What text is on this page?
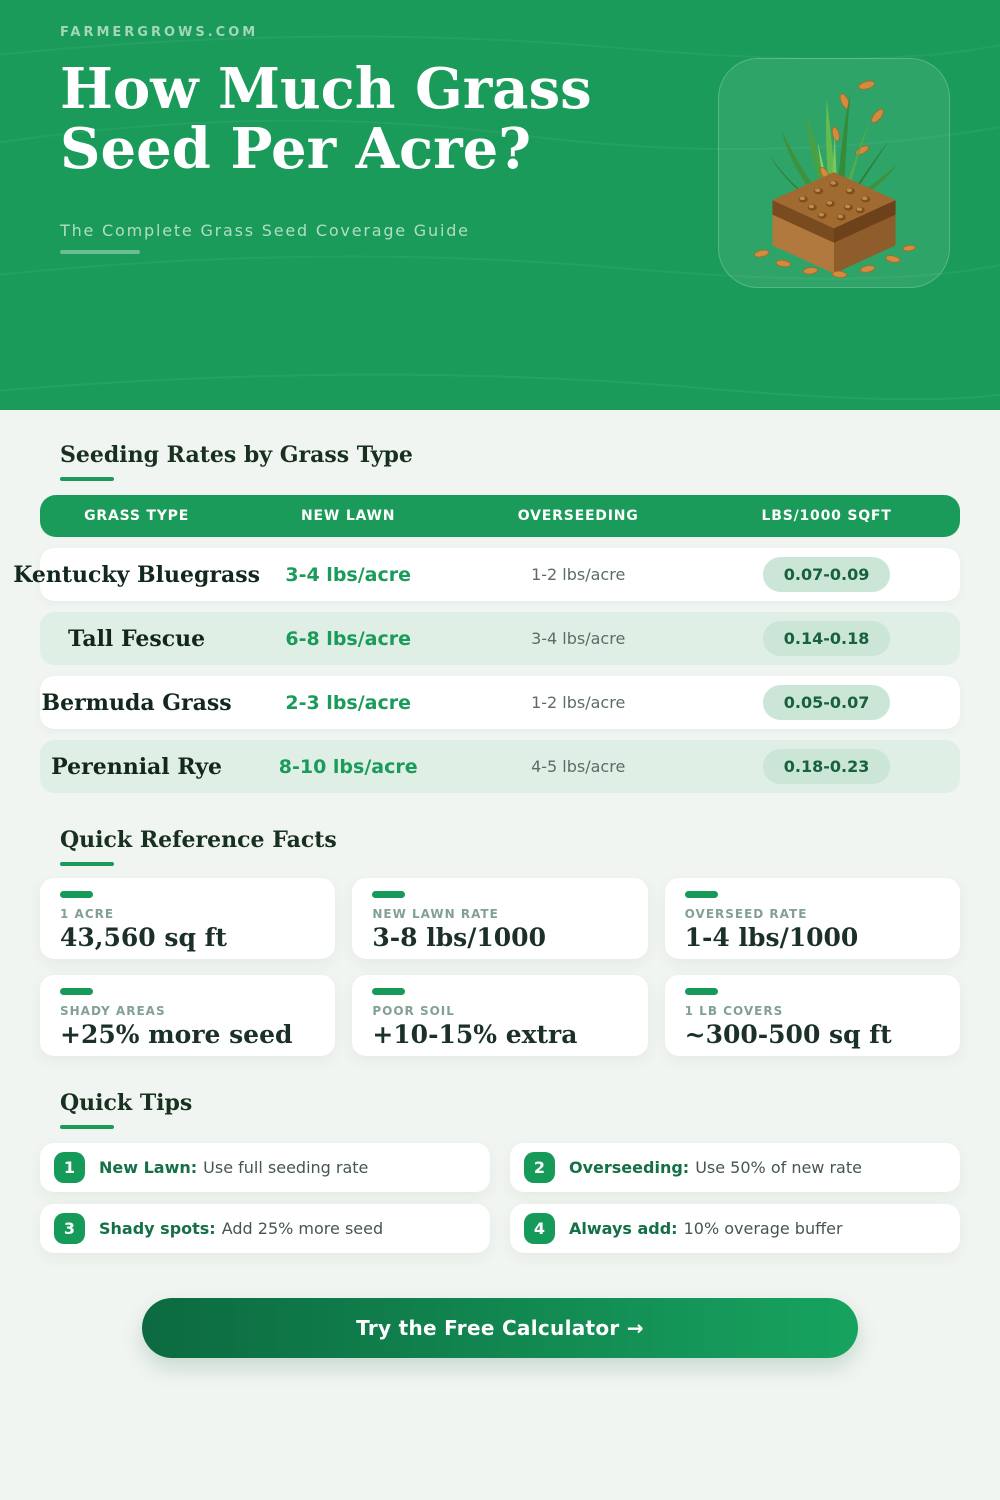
FARMERGROWS.COM
How Much Grass
Seed Per Acre?
The Complete Grass Seed Coverage Guide
Seeding Rates by Grass Type
GRASS TYPE	NEW LAWN	OVERSEEDING	LBS/1000 SQFT
Kentucky Bluegrass 3-4 lbs/acre	1-2 lbs/acre	0.07-0.09
Tall Fescue	6-8 lbs/acre	3-4 lbs/acre	0.14-0.18
Bermuda Grass	2-3 lbs/acre	1-2 lbs/acre	0.05-0.07
Perennial Rye	8-10 lbs/acre	4-5 lbs/acre	0.18-0.23
Quick Reference Facts
1 ACRE
43,560 sq ft
NEW LAWN RATE
3-8 lbs/1000
OVERSEED RATE
1-4 lbs/1000
SHADY AREAS
+25% more seed
POOR SOIL
+10-15% extra
1 LB COVERS
~300-500 sq ft
Quick Tips
1	New Lawn: Use full seeding rate	2	Overseeding: Use 50% of new rate
3	Shady spots: Add 25% more seed	4	Always add: 10% overage buffer
Try the Free Calculator →
